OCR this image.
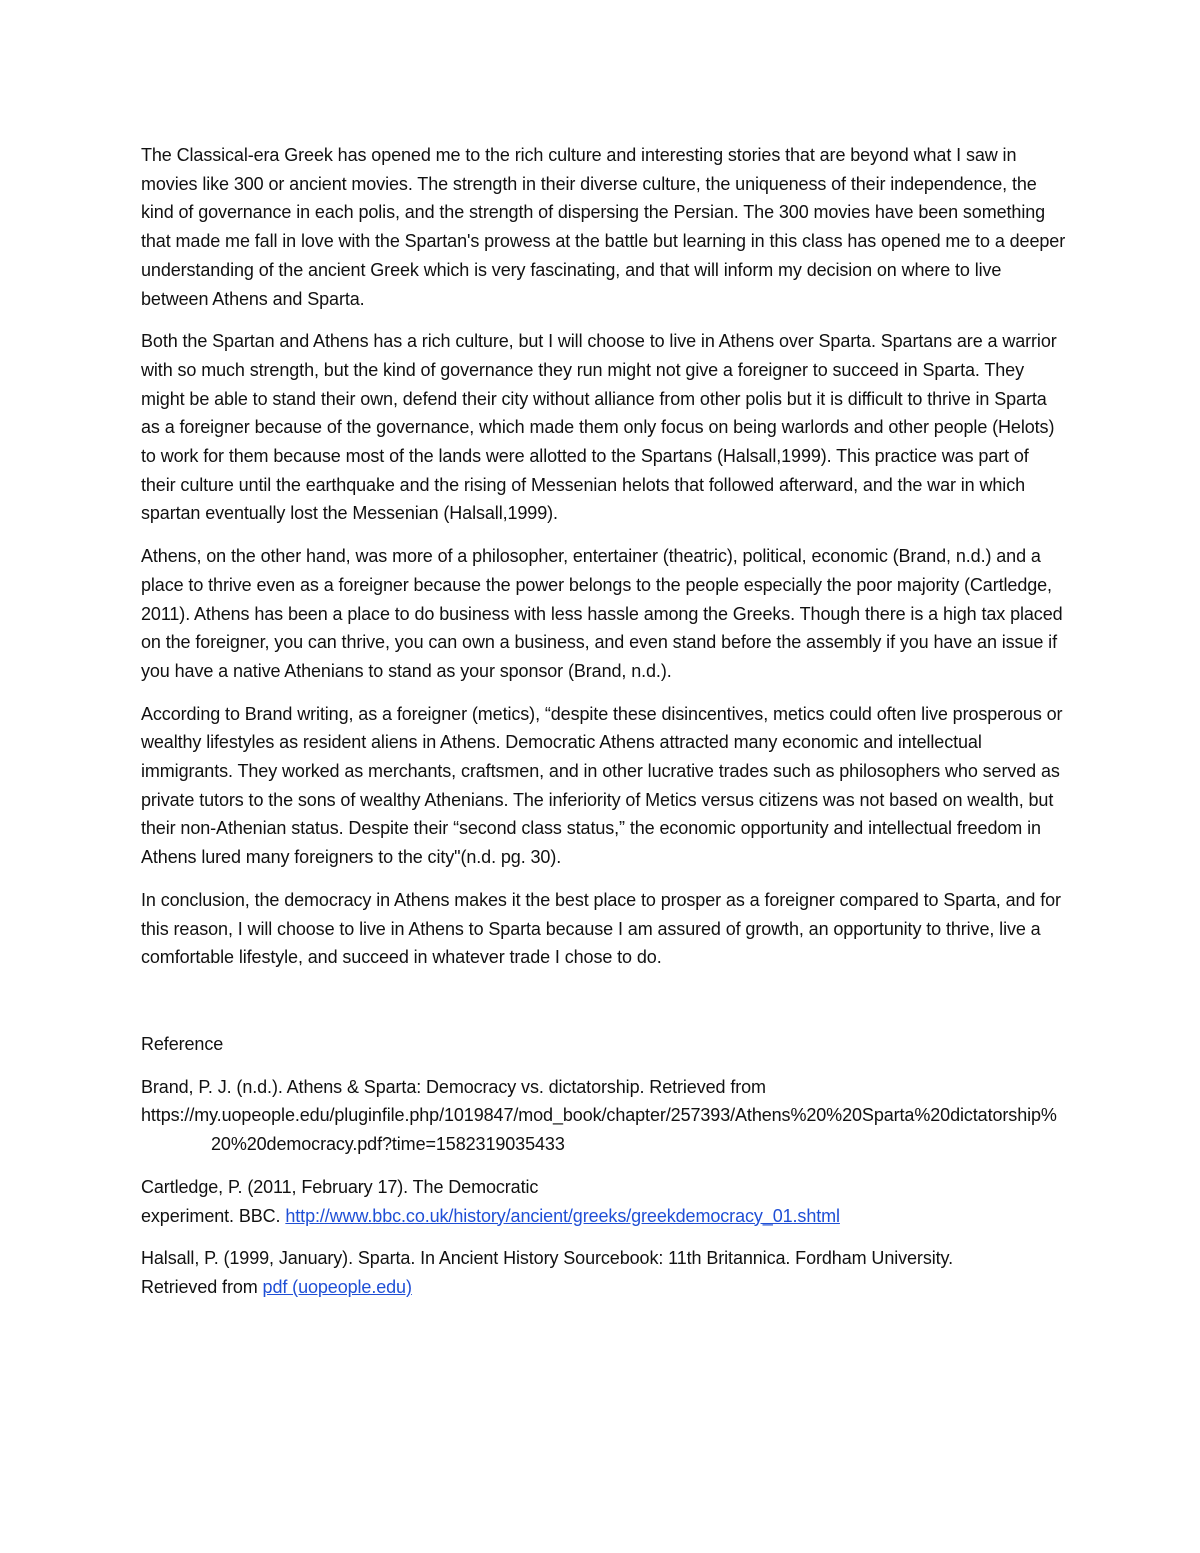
The Classical-era Greek has opened me to the rich culture and interesting stories that are beyond what I saw in movies like 300 or ancient movies. The strength in their diverse culture, the uniqueness of their independence, the kind of governance in each polis, and the strength of dispersing the Persian. The 300 movies have been something that made me fall in love with the Spartan's prowess at the battle but learning in this class has opened me to a deeper understanding of the ancient Greek which is very fascinating, and that will inform my decision on where to live between Athens and Sparta.

Both the Spartan and Athens has a rich culture, but I will choose to live in Athens over Sparta. Spartans are a warrior with so much strength, but the kind of governance they run might not give a foreigner to succeed in Sparta. They might be able to stand their own, defend their city without alliance from other polis but it is difficult to thrive in Sparta as a foreigner because of the governance, which made them only focus on being warlords and other people (Helots) to work for them because most of the lands were allotted to the Spartans (Halsall,1999). This practice was part of their culture until the earthquake and the rising of Messenian helots that followed afterward, and the war in which spartan eventually lost the Messenian (Halsall,1999).

Athens, on the other hand, was more of a philosopher, entertainer (theatric), political, economic (Brand, n.d.) and a place to thrive even as a foreigner because the power belongs to the people especially the poor majority (Cartledge, 2011). Athens has been a place to do business with less hassle among the Greeks. Though there is a high tax placed on the foreigner, you can thrive, you can own a business, and even stand before the assembly if you have an issue if you have a native Athenians to stand as your sponsor (Brand, n.d.).

According to Brand writing, as a foreigner (metics), “despite these disincentives, metics could often live prosperous or wealthy lifestyles as resident aliens in Athens. Democratic Athens attracted many economic and intellectual immigrants. They worked as merchants, craftsmen, and in other lucrative trades such as philosophers who served as private tutors to the sons of wealthy Athenians. The inferiority of Metics versus citizens was not based on wealth, but their non-Athenian status. Despite their “second class status,” the economic opportunity and intellectual freedom in Athens lured many foreigners to the city"(n.d. pg. 30).

In conclusion, the democracy in Athens makes it the best place to prosper as a foreigner compared to Sparta, and for this reason, I will choose to live in Athens to Sparta because I am assured of growth, an opportunity to thrive, live a comfortable lifestyle, and succeed in whatever trade I chose to do.

Reference

Brand, P. J. (n.d.). Athens & Sparta: Democracy vs. dictatorship. Retrieved from
https://my.uopeople.edu/pluginfile.php/1019847/mod_book/chapter/257393/Athens%20%20Sparta%20dictatorship%20%20democracy.pdf?time=1582319035433
Cartledge, P. (2011, February 17). The Democratic
experiment. BBC. http://www.bbc.co.uk/history/ancient/greeks/greekdemocracy_01.shtml
Halsall, P. (1999, January). Sparta. In Ancient History Sourcebook: 11th Britannica. Fordham University.
Retrieved from pdf (uopeople.edu)
